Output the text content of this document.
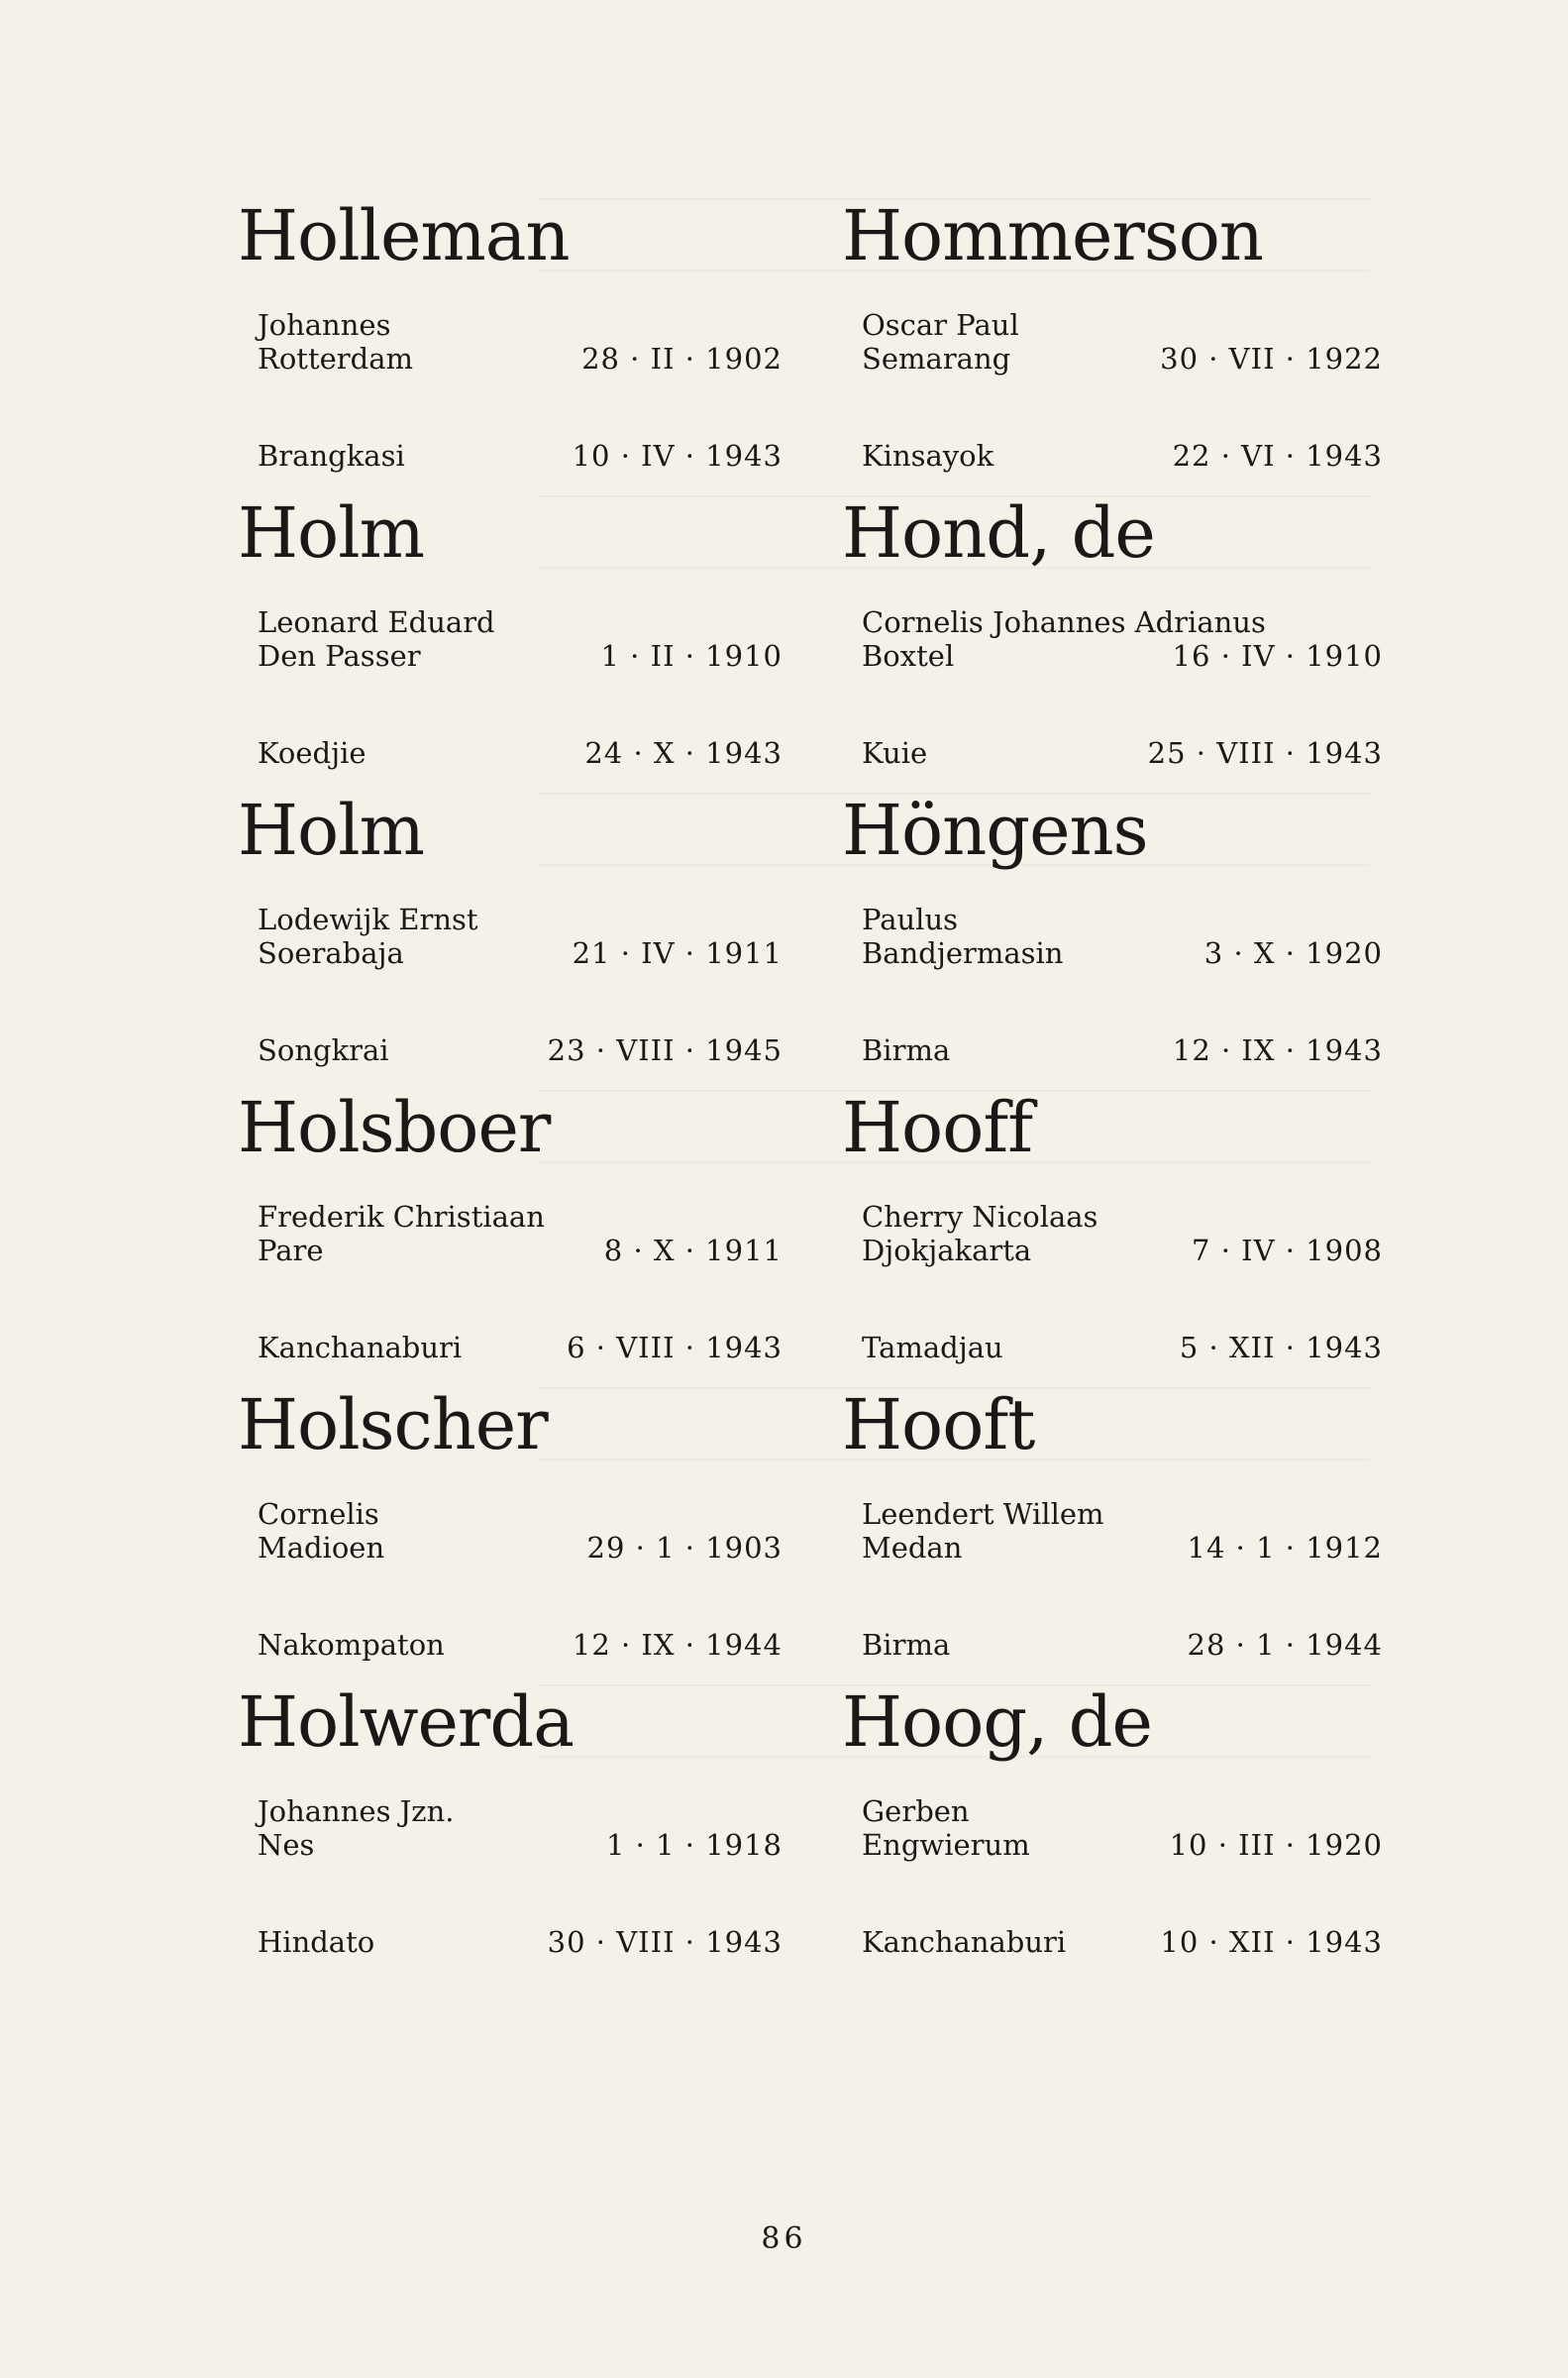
Holleman
Johannes
Rotterdam	28 · II · 1902
Brangkasi	10 · IV · 1943
Holm
Leonard Eduard
Den Passer	1 · II · 1910
Koedjie	24 · X · 1943
Holm
Lodewijk Ernst
Soerabaja	21 · IV · 1911
Songkrai	23 · VIII · 1945
Holsboer
Frederik Christiaan
Pare	8 · X · 1911
Kanchanaburi	6 · VIII · 1943
Holscher
Cornelis
Madioen	29 · 1 · 1903
Nakompaton	12 · IX · 1944
Holwerda
Johannes Jzn.
Nes	1 · 1 · 1918
Hindato	30 · VIII · 1943
Hommerson
Oscar Paul
Semarang	30 · VII · 1922
Kinsayok	22 · VI · 1943
Hond, de
Cornelis Johannes Adrianus
Boxtel	16 · IV · 1910
Kuie	25 · VIII · 1943
Höngens
Paulus
Bandjermasin	3 · X · 1920
Birma	12 · IX · 1943
Hooff
Cherry Nicolaas
Djokjakarta	7 · IV · 1908
Tamadjau	5 · XII · 1943
Hooft
Leendert Willem
Medan	14 · 1 · 1912
Birma	28 · 1 · 1944
Hoog, de
Gerben
Engwierum	10 · III · 1920
Kanchanaburi	10 · XII · 1943
86
